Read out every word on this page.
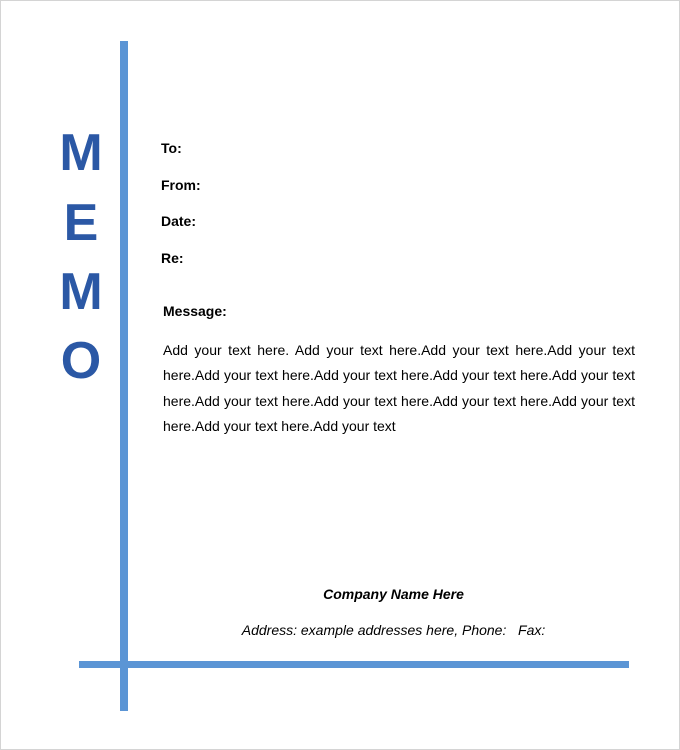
M
E
M
O
To:
From:
Date:
Re:
Message:
Add your text here. Add your text here.Add your text here.Add your text here.Add your text here.Add your text here.Add your text here.Add your text here.Add your text here.Add your text here.Add your text here.Add your text here.Add your text here.Add your text
Company Name Here
Address: example addresses here, Phone:   Fax:
